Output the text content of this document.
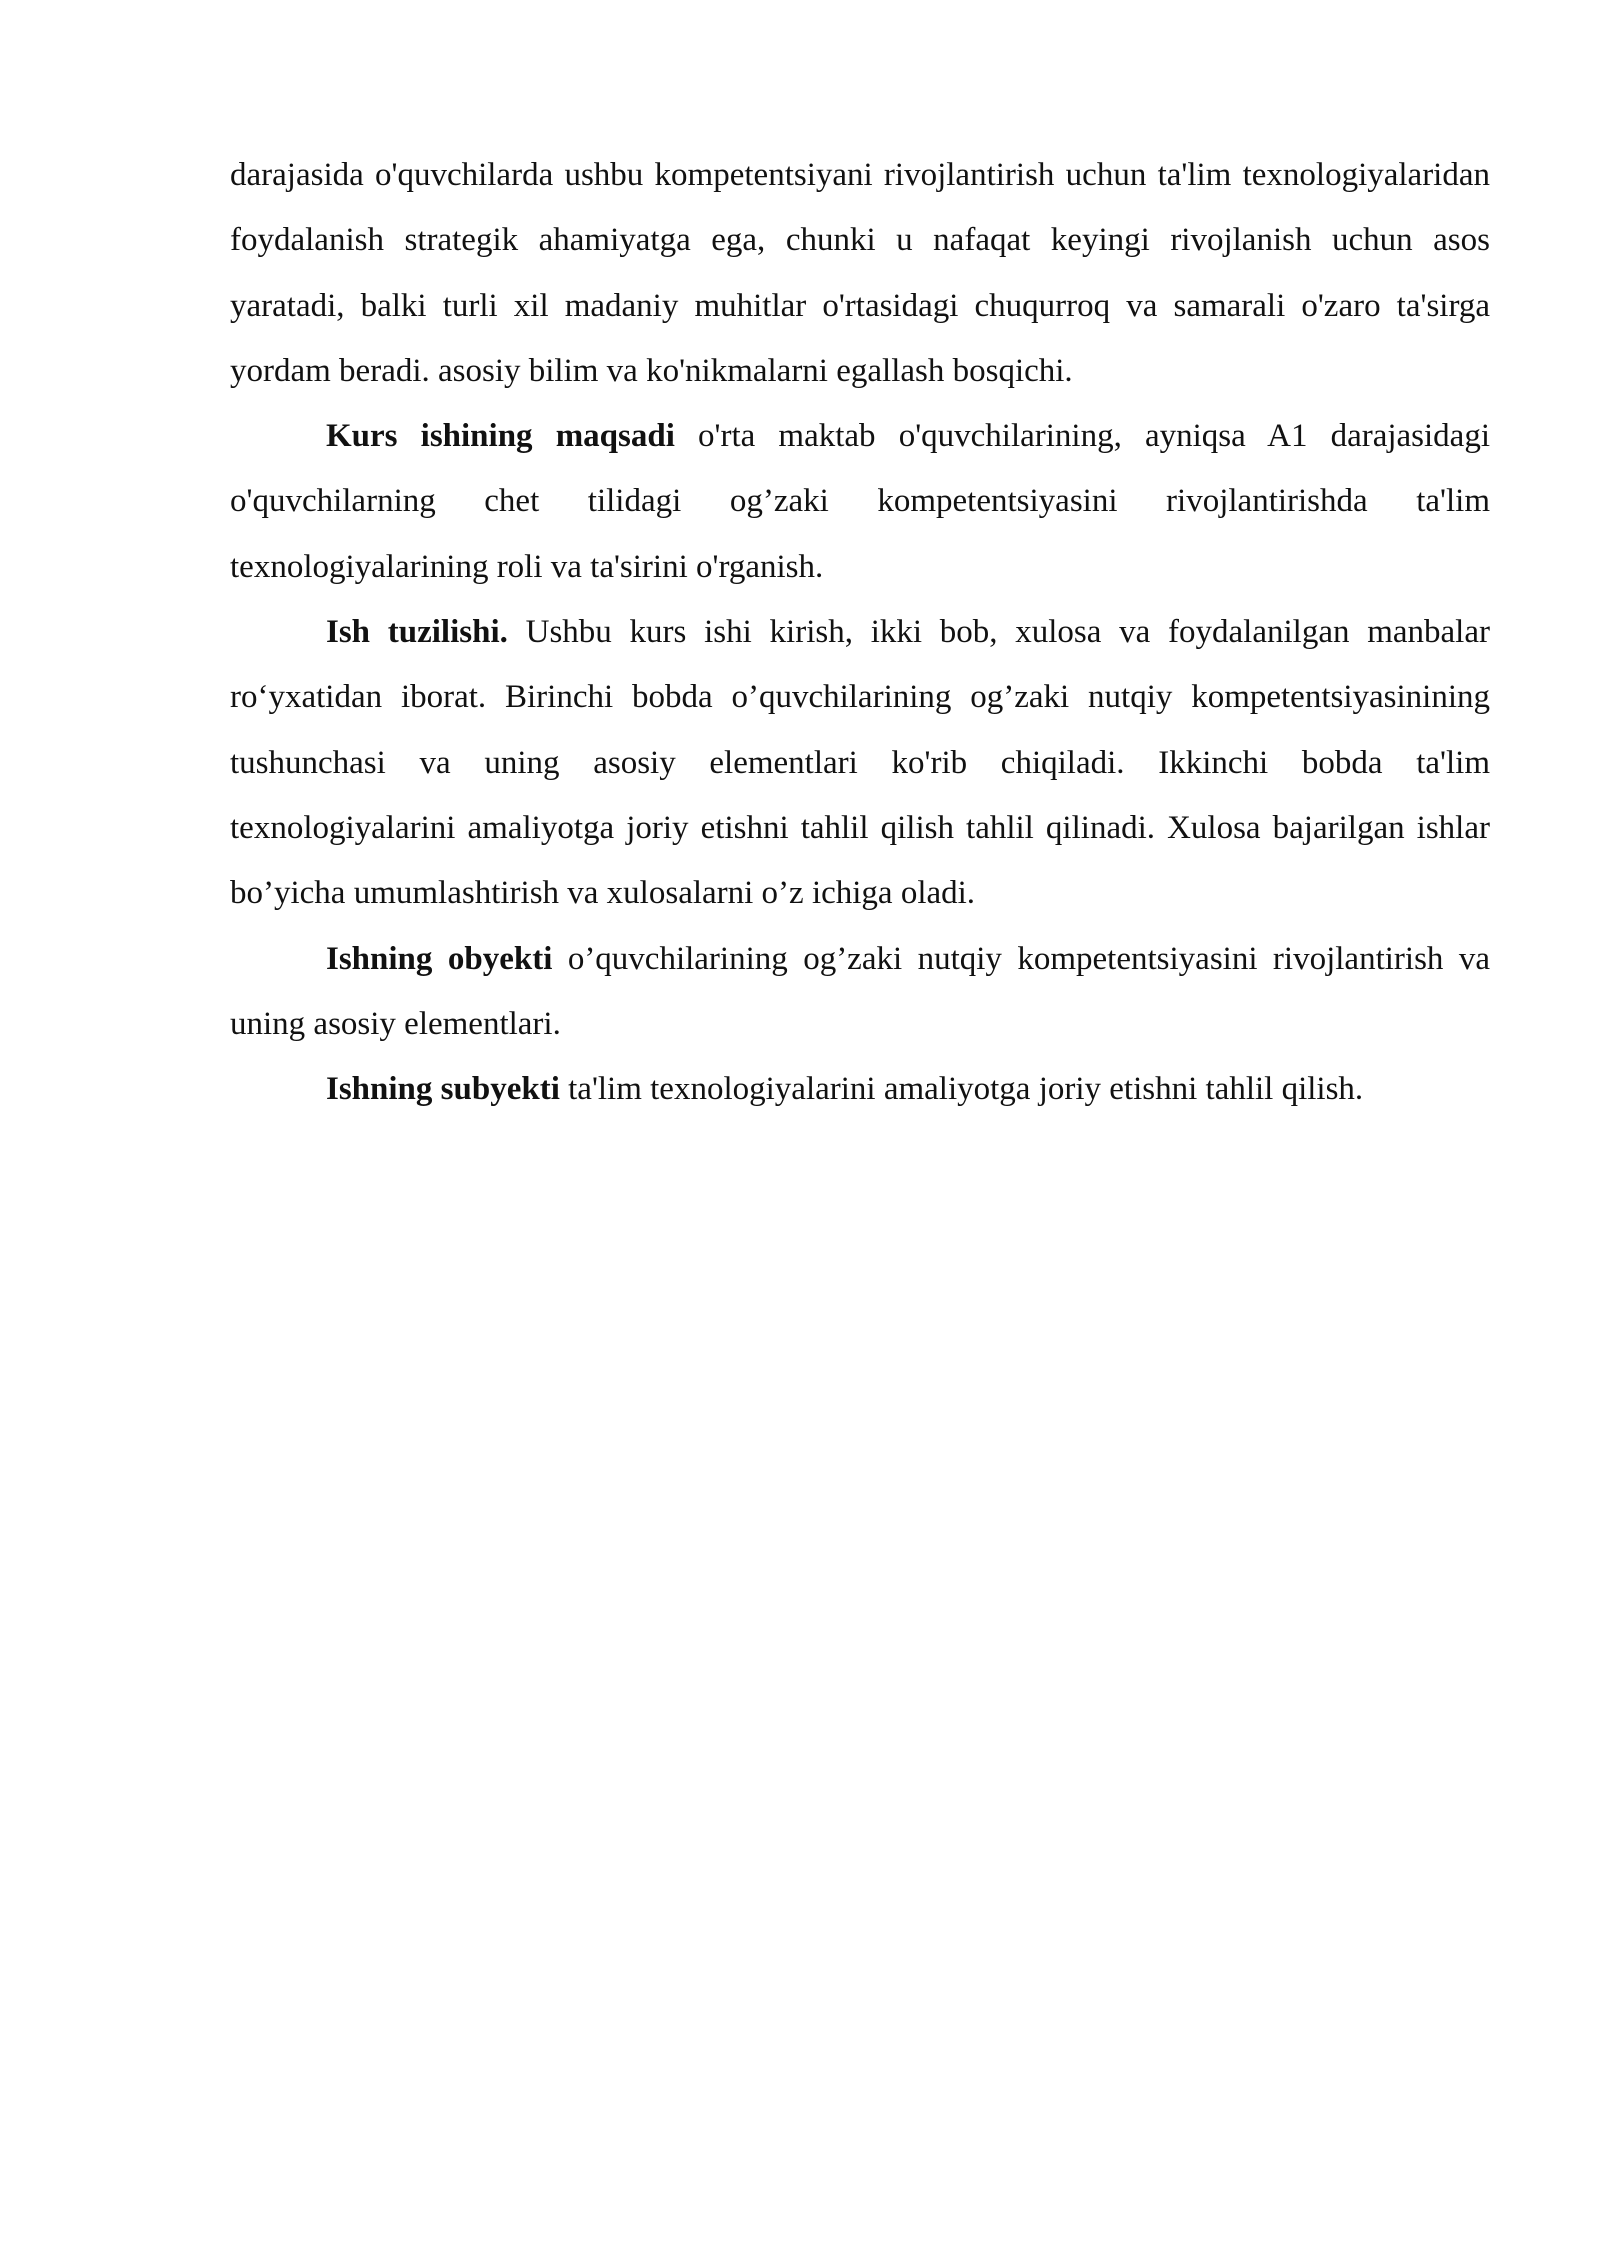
darajasida o'quvchilarda ushbu kompetentsiyani rivojlantirish uchun ta'lim texnologiyalaridan foydalanish strategik ahamiyatga ega, chunki u nafaqat keyingi rivojlanish uchun asos yaratadi, balki turli xil madaniy muhitlar o'rtasidagi chuqurroq va samarali o'zaro ta'sirga yordam beradi. asosiy bilim va ko'nikmalarni egallash bosqichi.

Kurs ishining maqsadi o'rta maktab o'quvchilarining, ayniqsa A1 darajasidagi o'quvchilarning chet tilidagi og’zaki kompetentsiyasini rivojlantirishda ta'lim texnologiyalarining roli va ta'sirini o'rganish.

Ish tuzilishi. Ushbu kurs ishi kirish, ikki bob, xulosa va foydalanilgan manbalar ro‘yxatidan iborat. Birinchi bobda o’quvchilarining og’zaki nutqiy kompetentsiyasinining tushunchasi va uning asosiy elementlari ko'rib chiqiladi. Ikkinchi bobda ta'lim texnologiyalarini amaliyotga joriy etishni tahlil qilish tahlil qilinadi. Xulosa bajarilgan ishlar bo’yicha umumlashtirish va xulosalarni o’z ichiga oladi.

Ishning obyekti o’quvchilarining og’zaki nutqiy kompetentsiyasini rivojlantirish va uning asosiy elementlari.

Ishning subyekti ta'lim texnologiyalarini amaliyotga joriy etishni tahlil qilish.
